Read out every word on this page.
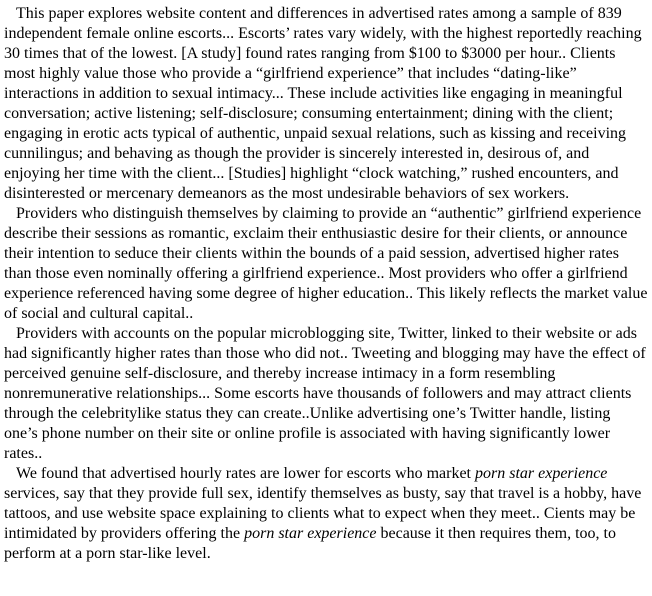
This paper explores website content and differences in advertised rates among a sample of 839 independent female online escorts... Escorts’ rates vary widely, with the highest reportedly reaching 30 times that of the lowest. [A study] found rates ranging from $100 to $3000 per hour.. Clients most highly value those who provide a “girlfriend experience” that includes “dating-like” interactions in addition to sexual intimacy... These include activities like engaging in meaningful conversation; active listening; self-disclosure; consuming entertainment; dining with the client; engaging in erotic acts typical of authentic, unpaid sexual relations, such as kissing and receiving cunnilingus; and behaving as though the provider is sincerely interested in, desirous of, and enjoying her time with the client... [Studies] highlight “clock watching,” rushed encounters, and disinterested or mercenary demeanors as the most undesirable behaviors of sex workers.

Providers who distinguish themselves by claiming to provide an “authentic” girlfriend experience describe their sessions as romantic, exclaim their enthusiastic desire for their clients, or announce their intention to seduce their clients within the bounds of a paid session, advertised higher rates than those even nominally offering a girlfriend experience.. Most providers who offer a girlfriend experience referenced having some degree of higher education.. This likely reflects the market value of social and cultural capital..

Providers with accounts on the popular microblogging site, Twitter, linked to their website or ads had significantly higher rates than those who did not.. Tweeting and blogging may have the effect of perceived genuine self-disclosure, and thereby increase intimacy in a form resembling nonremunerative relationships... Some escorts have thousands of followers and may attract clients through the celebritylike status they can create..Unlike advertising one’s Twitter handle, listing one’s phone number on their site or online profile is associated with having significantly lower rates..

We found that advertised hourly rates are lower for escorts who market porn star experience services, say that they provide full sex, identify themselves as busty, say that travel is a hobby, have tattoos, and use website space explaining to clients what to expect when they meet.. Cients may be intimidated by providers offering the porn star experience because it then requires them, too, to perform at a porn star-like level.
